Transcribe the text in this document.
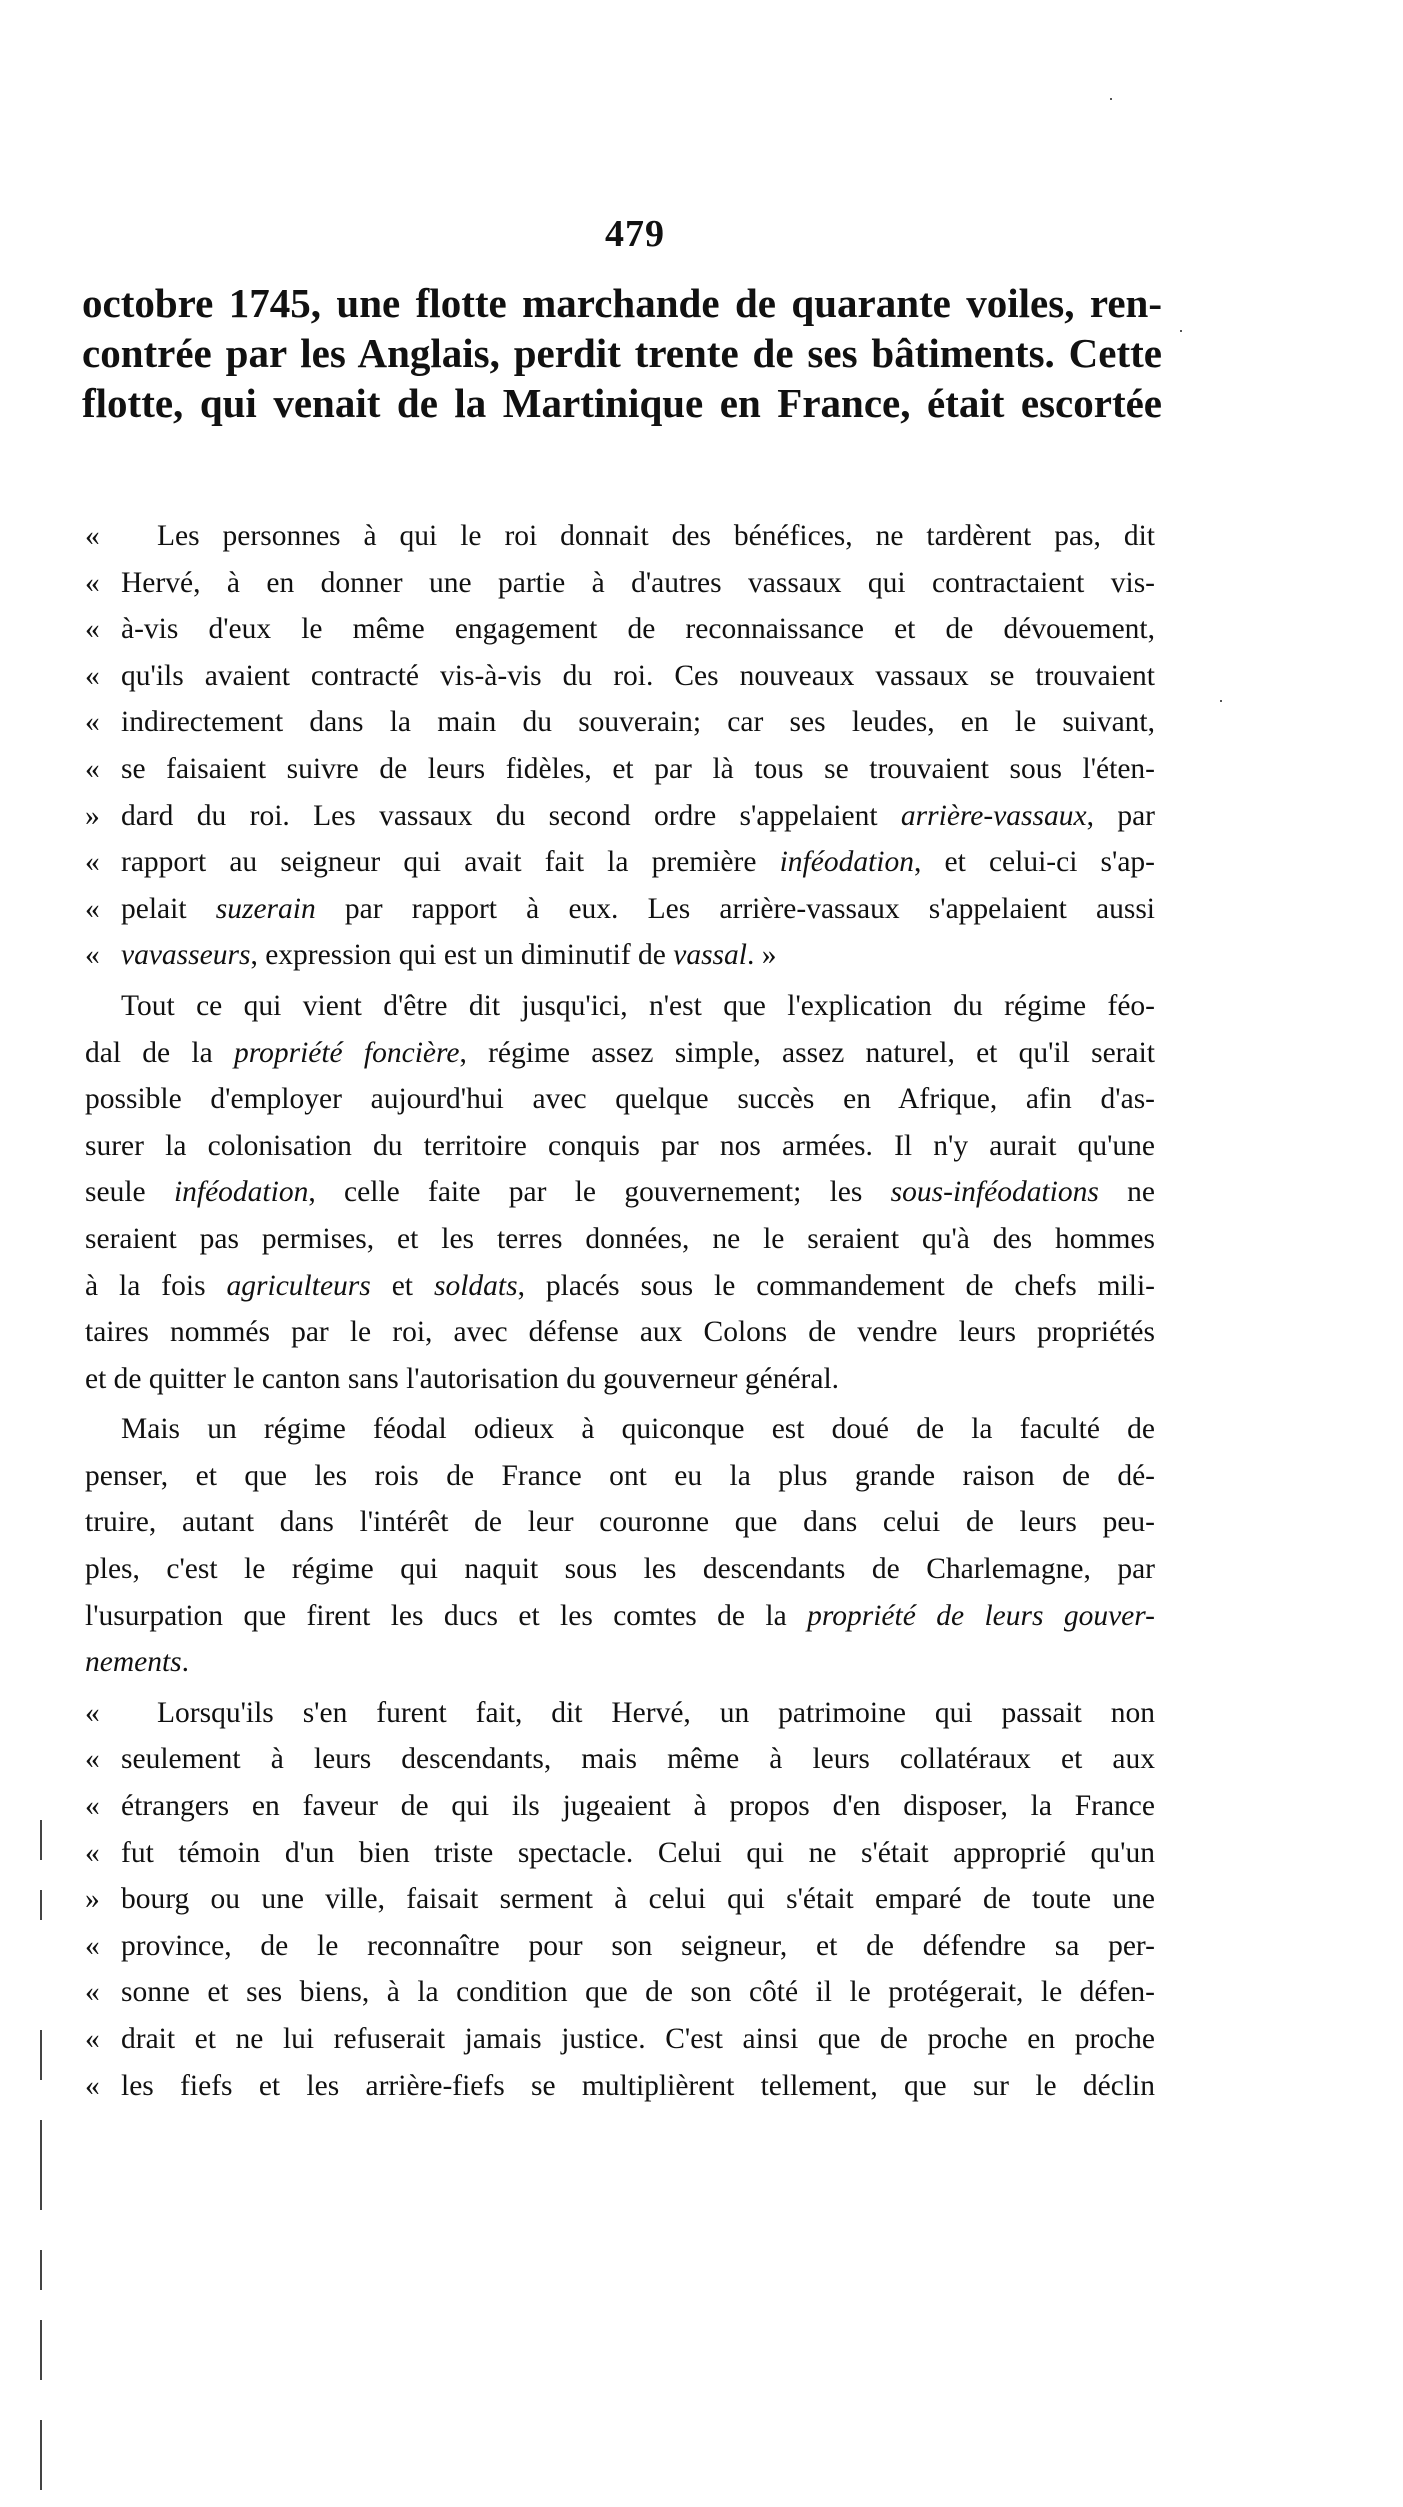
479
octobre 1745, une flotte marchande de quarante voiles, ren-
contrée par les Anglais, perdit trente de ses bâtiments. Cette
flotte, qui venait de la Martinique en France, était escortée
« Les personnes à qui le roi donnait des bénéfices, ne tardèrent pas, dit
« Hervé, à en donner une partie à d'autres vassaux qui contractaient vis-
« à-vis d'eux le même engagement de reconnaissance et de dévouement,
« qu'ils avaient contracté vis-à-vis du roi. Ces nouveaux vassaux se trouvaient
« indirectement dans la main du souverain; car ses leudes, en le suivant,
« se faisaient suivre de leurs fidèles, et par là tous se trouvaient sous l'éten-
» dard du roi. Les vassaux du second ordre s'appelaient arrière-vassaux, par
« rapport au seigneur qui avait fait la première inféodation, et celui-ci s'ap-
« pelait suzerain par rapport à eux. Les arrière-vassaux s'appelaient aussi
« vavasseurs, expression qui est un diminutif de vassal. »
Tout ce qui vient d'être dit jusqu'ici, n'est que l'explication du régime féo-
dal de la propriété foncière, régime assez simple, assez naturel, et qu'il serait
possible d'employer aujourd'hui avec quelque succès en Afrique, afin d'as-
surer la colonisation du territoire conquis par nos armées. Il n'y aurait qu'une
seule inféodation, celle faite par le gouvernement; les sous-inféodations ne
seraient pas permises, et les terres données, ne le seraient qu'à des hommes
à la fois agriculteurs et soldats, placés sous le commandement de chefs mili-
taires nommés par le roi, avec défense aux Colons de vendre leurs propriétés
et de quitter le canton sans l'autorisation du gouverneur général.
Mais un régime féodal odieux à quiconque est doué de la faculté de
penser, et que les rois de France ont eu la plus grande raison de dé-
truire, autant dans l'intérêt de leur couronne que dans celui de leurs peu-
ples, c'est le régime qui naquit sous les descendants de Charlemagne, par
l'usurpation que firent les ducs et les comtes de la propriété de leurs gouver-
nements.
« Lorsqu'ils s'en furent fait, dit Hervé, un patrimoine qui passait non
« seulement à leurs descendants, mais même à leurs collatéraux et aux
« étrangers en faveur de qui ils jugeaient à propos d'en disposer, la France
« fut témoin d'un bien triste spectacle. Celui qui ne s'était approprié qu'un
» bourg ou une ville, faisait serment à celui qui s'était emparé de toute une
« province, de le reconnaître pour son seigneur, et de défendre sa per-
« sonne et ses biens, à la condition que de son côté il le protégerait, le défen-
« drait et ne lui refuserait jamais justice. C'est ainsi que de proche en proche
« les fiefs et les arrière-fiefs se multiplièrent tellement, que sur le déclin
